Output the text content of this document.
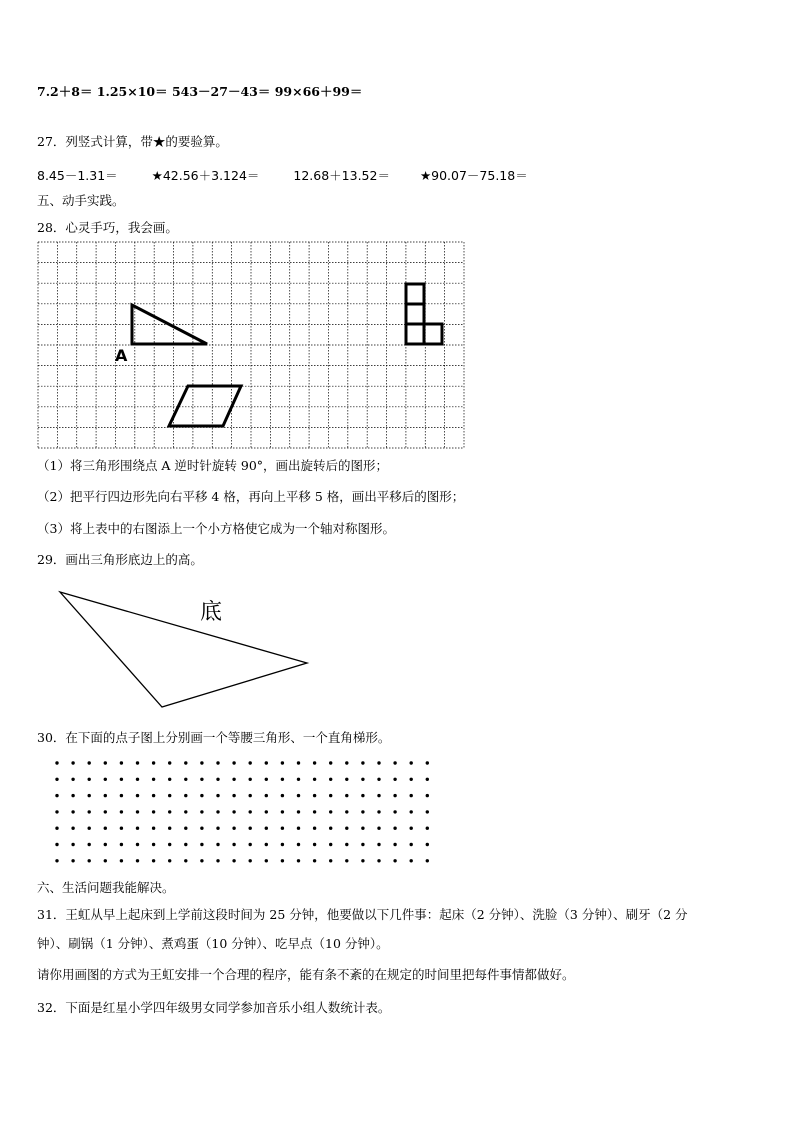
7.2＋8＝ 1.25×10＝ 543－27－43＝ 99×66＋99＝
27．列竖式计算，带★的要验算。
8.45－1.31＝	★42.56＋3.124＝	12.68＋13.52＝ ★90.07－75.18＝
五、动手实践。
28．心灵手巧，我会画。
A
（1）将三角形围绕点 A 逆时针旋转 90°，画出旋转后的图形；
（2）把平行四边形先向右平移 4 格，再向上平移 5 格，画出平移后的图形；
（3）将上表中的右图添上一个小方格使它成为一个轴对称图形。
29．画出三角形底边上的高。
底
30．在下面的点子图上分别画一个等腰三角形、一个直角梯形。
六、生活问题我能解决。
31．王虹从早上起床到上学前这段时间为 25 分钟，他要做以下几件事：起床（2 分钟）、洗脸（3 分钟）、刷牙（2 分
钟）、刷锅（1 分钟）、煮鸡蛋（10 分钟）、吃早点（10 分钟）。
请你用画图的方式为王虹安排一个合理的程序，能有条不紊的在规定的时间里把每件事情都做好。
32．下面是红星小学四年级男女同学参加音乐小组人数统计表。
